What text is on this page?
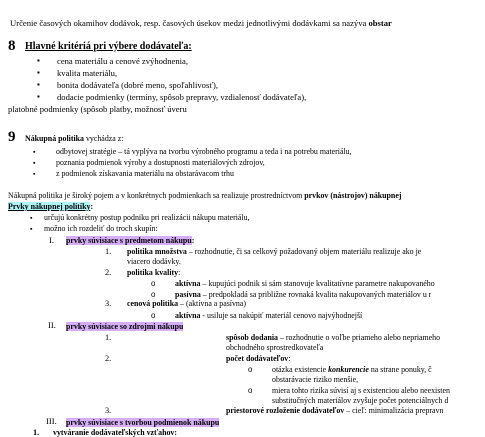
Určenie časových okamihov dodávok, resp. časových úsekov medzi jednotlivými dodávkami sa nazýva obstar
8 Hlavné kritériá pri výbere dodávateľa:
▪ cena materiálu a cenové zvýhodnenia,
▪ kvalita materiálu,
▪ bonita dodávateľa (dobré meno, spoľahlivosť),
▪ dodacie podmienky (termíny, spôsob prepravy, vzdialenosť dodávateľa),
platobné podmienky (spôsob platby, možnosť úveru
9 Nákupná politika vychádza z:
▪	odbytovej stratégie – tá vyplýva na tvorbu výrobného programu a teda i na potrebu materiálu,
▪	poznania podmienok výroby a dostupnosti materiálových zdrojov,
▪	z podmienok získavania materiálu na obstarávacom trhu
Nákupná politika je široký pojem a v konkrétnych podmienkach sa realizuje prostredníctvom prvkov (nástrojov) nákupnej
Prvky nákupnej politiky:
▪ určujú konkrétny postup podniku pri realizácii nákupu materiálu,
▪ možno ich rozdeliť do troch skupín:
I. prvky súvisiace s predmetom nákupu:
1. politika množstva – rozhodnutie, či sa celkový požadovaný objem materiálu realizuje ako je
viacero dodávky.
2. politika kvality:
o aktívna – kupujúci podnik si sám stanovuje kvalitatívne parametre nakupovaného
o pasívna – predpokladá sa približne rovnaká kvalita nakupovaných materiálov u r
3. cenová politika – (aktívna a pasívna)
o aktívna - usiluje sa nakúpiť materiál cenovo najvýhodnejší
II. prvky súvisiace so zdrojmi nákupu
1.	spôsob dodania – rozhodnutie o voľbe priameho alebo nepriameho
obchodného sprostredkovateľa
2.	počet dodávateľov:
o otázka existencie konkurencie na strane ponuky, č
obstarávacie riziko menšie,
o miera tohto rizika súvisí aj s existenciou alebo neexisten
substitučných materiálov zvyšuje počet potenciálnych d
3.	priestorové rozloženie dodávateľov – cieľ: minimalizácia prepravn
III. prvky súvisiace s tvorbou podmienok nákupu
1. vytváranie dodávateľských vzťahov:
